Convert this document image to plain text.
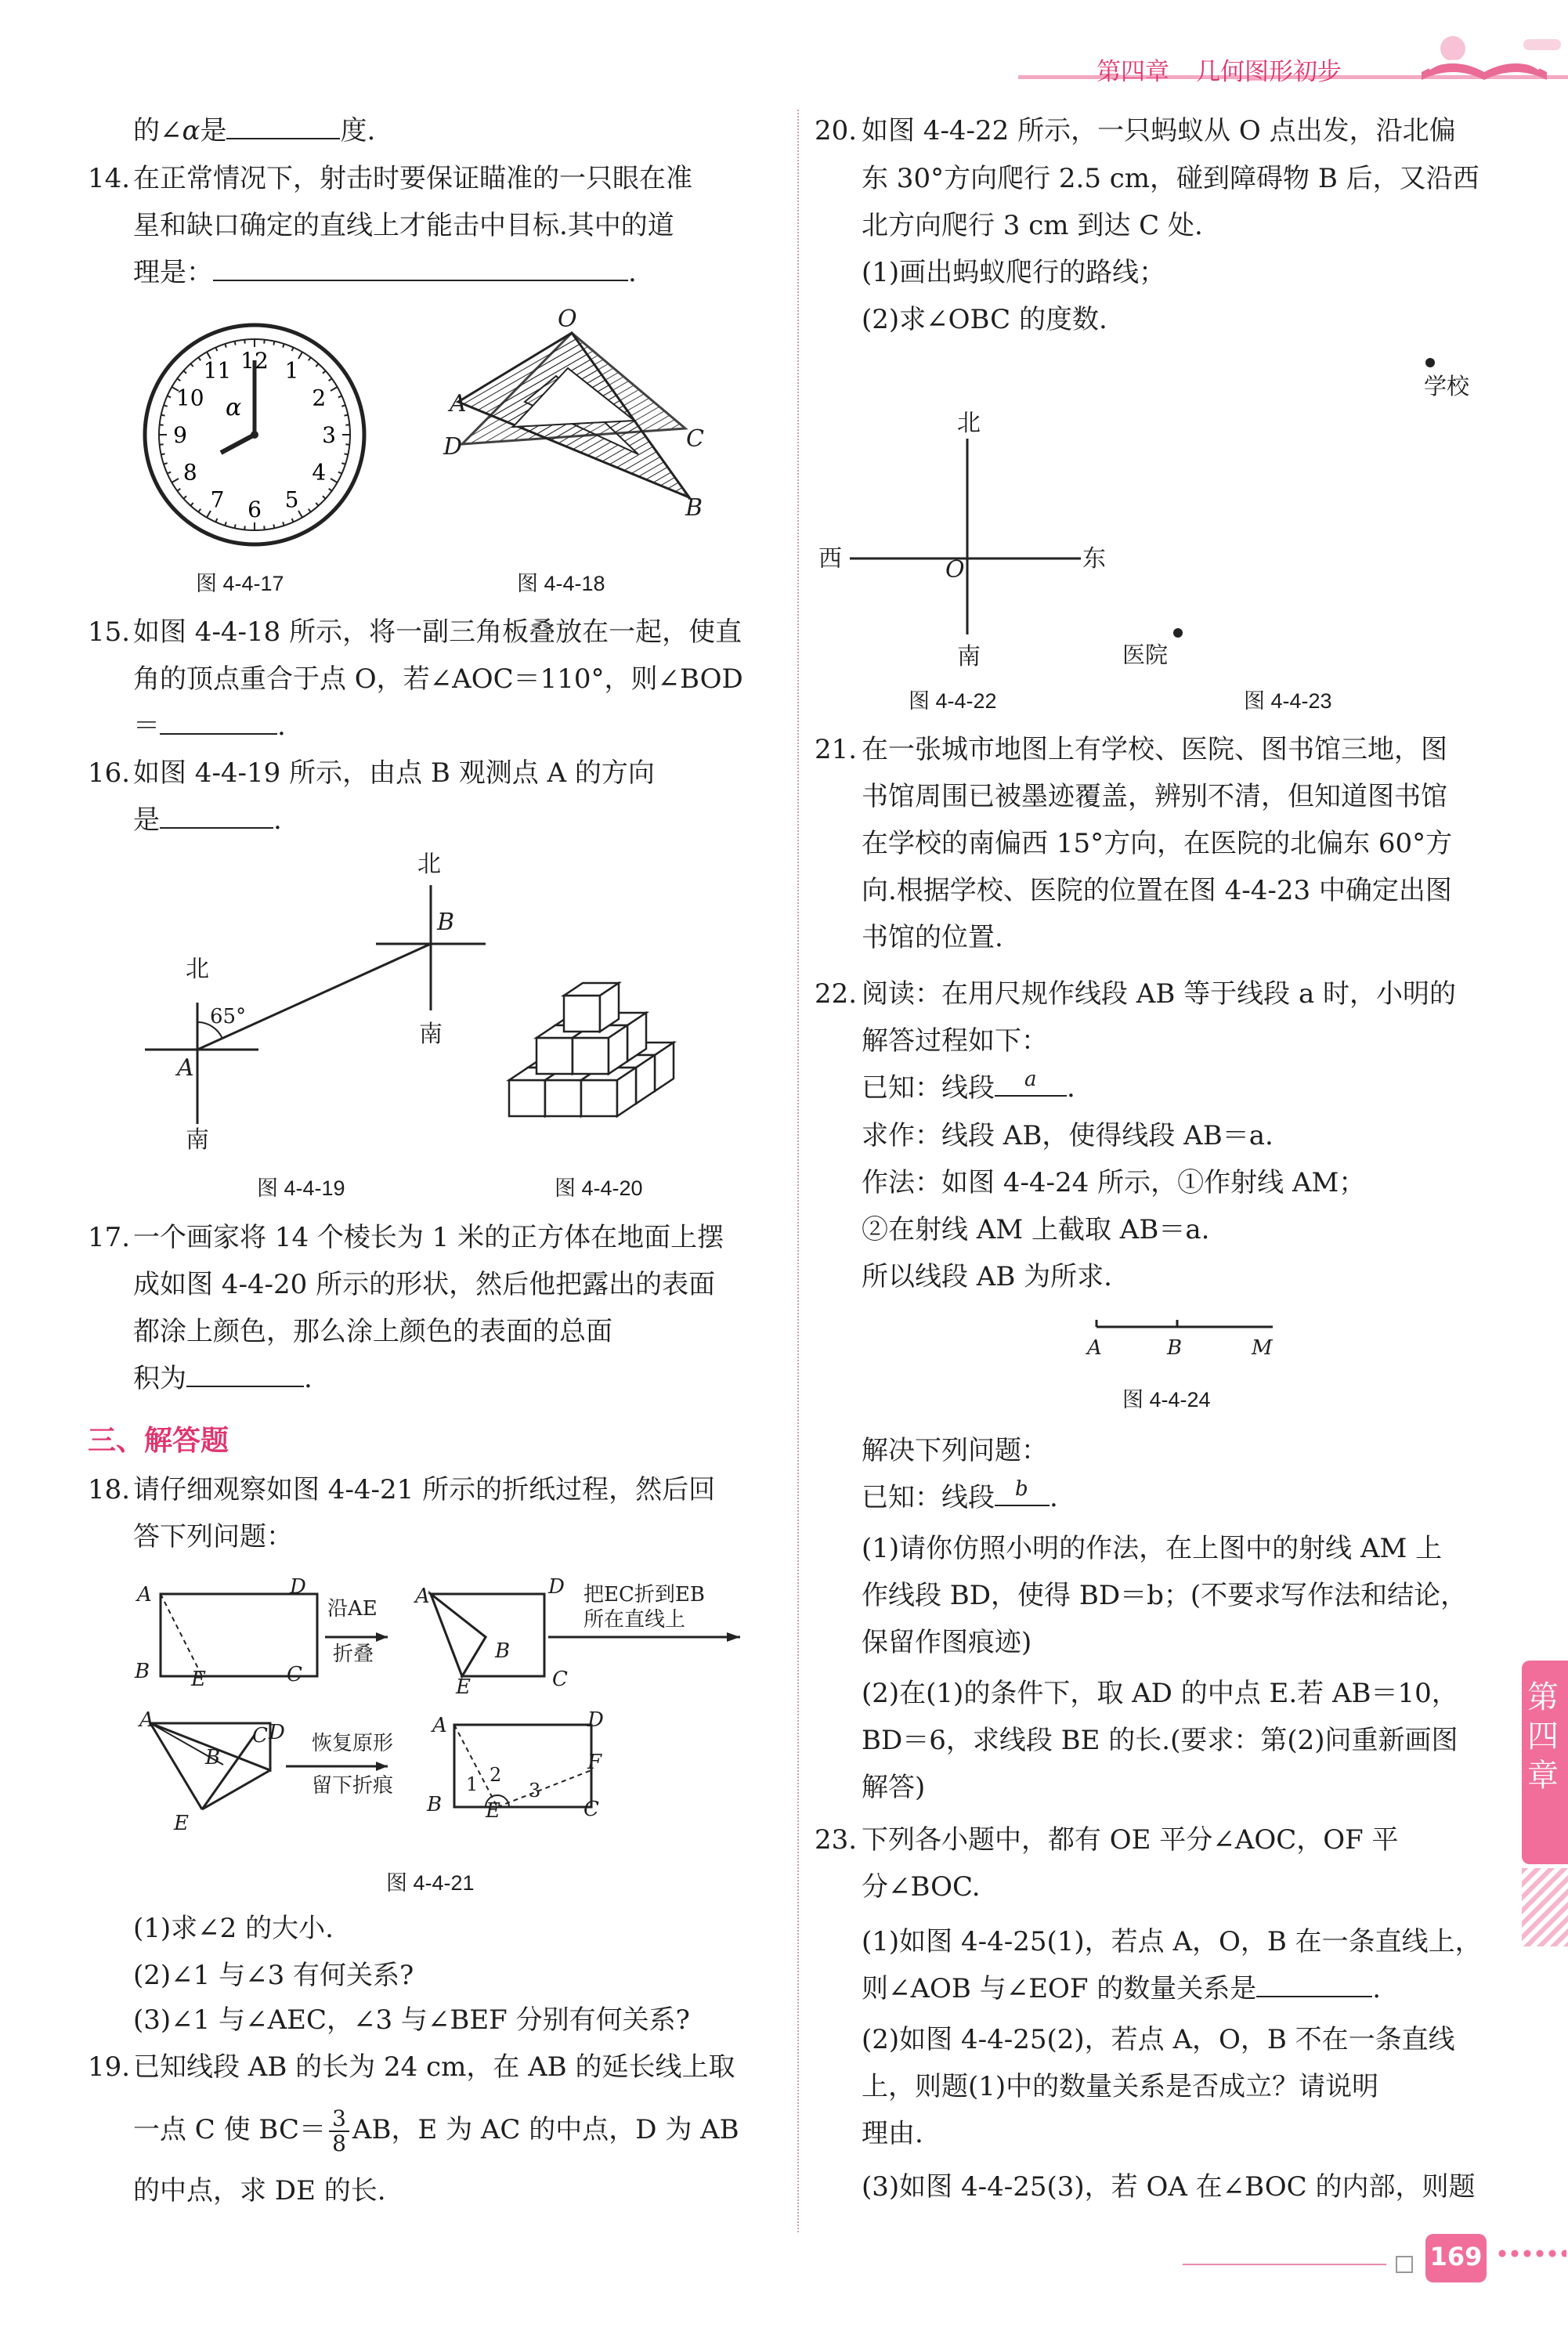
第四章 几何图形初步
第四章
的∠α是	度.
14. 在正常情况下，射击时要保证瞄准的一只眼在准
星和缺口确定的直线上才能击中目标.其中的道
理是：	.
12 1
2
3
4
5
6
7
8
9
10
11
α
图 4-4-17
O
A
D	C
B
图 4-4-18
15. 如图 4-4-18 所示，将一副三角板叠放在一起，使直
角的顶点重合于点 O，若∠AOC＝110°，则∠BOD
＝	.
16. 如图 4-4-19 所示，由点 B 观测点 A 的方向
是	.
北
65°
A
南
北
B
南
图 4-4-19	图 4-4-20
17. 一个画家将 14 个棱长为 1 米的正方体在地面上摆
成如图 4-4-20 所示的形状，然后他把露出的表面
都涂上颜色，那么涂上颜色的表面的总面
积为	.
三、解答题
18. 请仔细观察如图 4-4-21 所示的折纸过程，然后回
答下列问题：
沿AE
折叠
把EC折到EB
所在直线上
恢复原形
留下折痕
A	D
B E	C
A	D
B
E	C
A
B
C D
E
A	D
F
B E	C
1 2
3
图 4-4-21
(1)求∠2 的大小.
(2)∠1 与∠3 有何关系?
(3)∠1 与∠AEC，∠3 与∠BEF 分别有何关系?
19. 已知线段 AB 的长为 24 cm，在 AB 的延长线上取
一点 C 使 $BC= \frac{3}{8}$ AB，E 为 AC 的中点，D 为 AB
的中点，求 DE 的长.
20. 如图 4-4-22 所示，一只蚂蚁从 O 点出发，沿北偏
东 30°方向爬行 2.5 cm，碰到障碍物 B 后，又沿西
北方向爬行 3 cm 到达 C 处.
(1)画出蚂蚁爬行的路线；
(2)求∠OBC 的度数.
北
西	东
O
南
图 4-4-22
学校
医院
图 4-4-23
21. 在一张城市地图上有学校、医院、图书馆三地，图
书馆周围已被墨迹覆盖，辨别不清，但知道图书馆
在学校的南偏西 15°方向，在医院的北偏东 60°方
向.根据学校、医院的位置在图 4-4-23 中确定出图
书馆的位置.
22. 阅读：在用尺规作线段 AB 等于线段 a 时，小明的
解答过程如下：
已知：线段 a .
求作：线段 AB，使得线段 AB＝a.
作法：如图 4-4-24 所示，①作射线 AM；
②在射线 AM 上截取 AB＝a.
所以线段 AB 为所求.
A	B	M
图 4-4-24
解决下列问题：
已知：线段 b .
(1)请你仿照小明的作法，在上图中的射线 AM 上
作线段 BD，使得 BD＝b；(不要求写作法和结论，
保留作图痕迹)
(2)在(1)的条件下，取 AD 的中点 E.若 AB＝10，
BD＝6，求线段 BE 的长.(要求：第(2)问重新画图
解答)
23. 下列各小题中，都有 OE 平分∠AOC，OF 平
分∠BOC.
(1)如图 4-4-25(1)，若点 A，O，B 在一条直线上，
则∠AOB 与∠EOF 的数量关系是	.
(2)如图 4-4-25(2)，若点 A，O，B 不在一条直线
上，则题(1)中的数量关系是否成立？请说明
理由.
(3)如图 4-4-25(3)，若 OA 在∠BOC 的内部，则题
169
